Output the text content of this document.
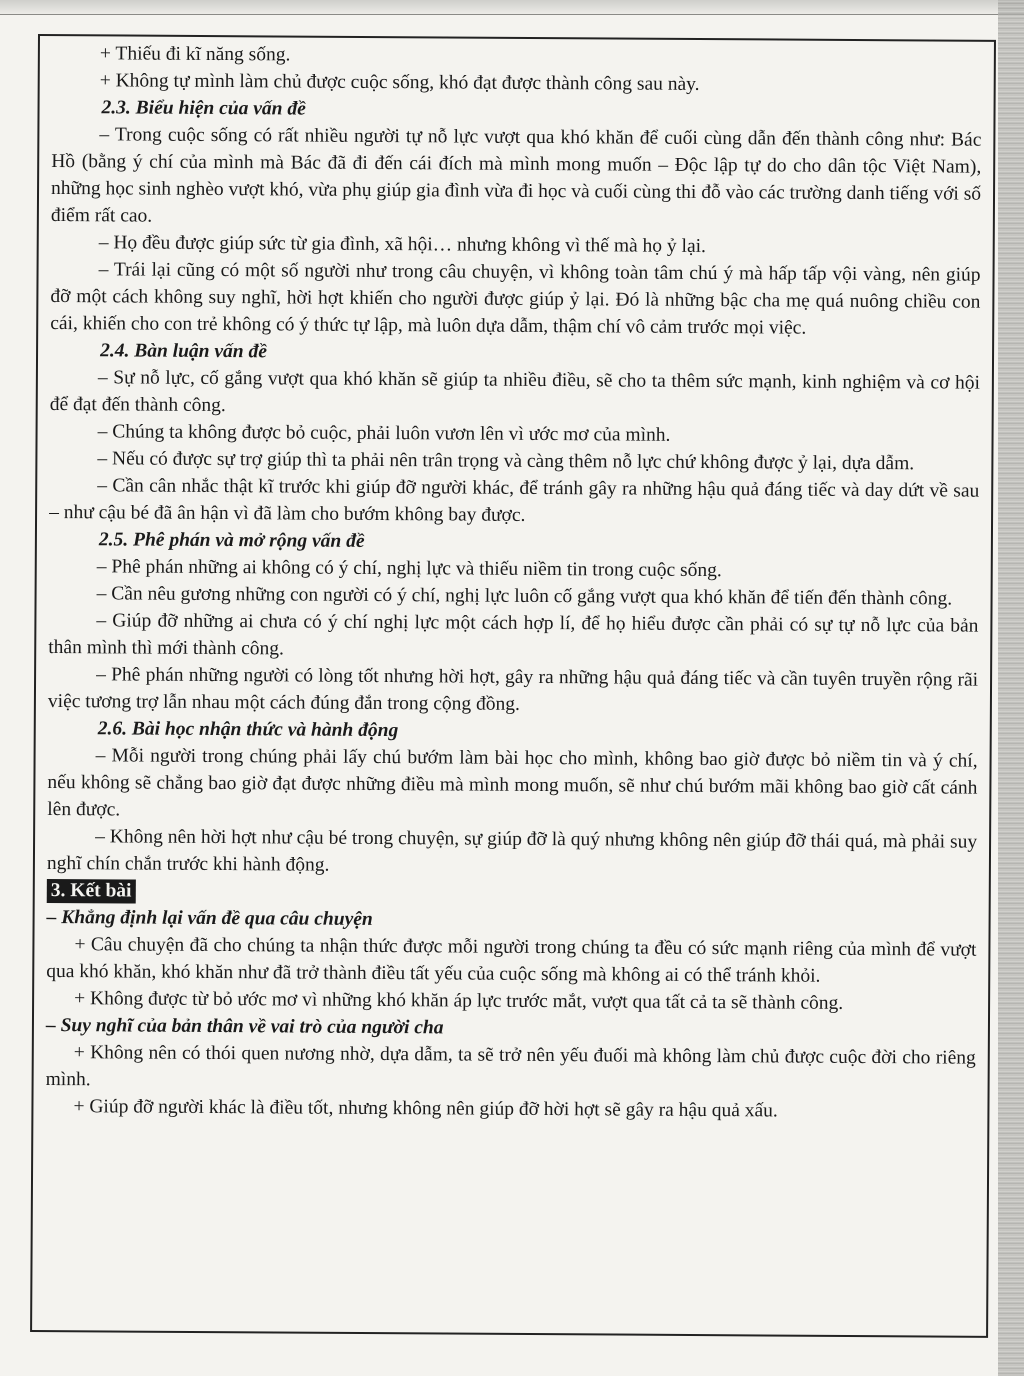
+ Thiếu đi kĩ năng sống.

+ Không tự mình làm chủ được cuộc sống, khó đạt được thành công sau này.

2.3. Biểu hiện của vấn đề

– Trong cuộc sống có rất nhiều người tự nỗ lực vượt qua khó khăn để cuối cùng dẫn đến thành công như: Bác Hồ (bằng ý chí của mình mà Bác đã đi đến cái đích mà mình mong muốn – Độc lập tự do cho dân tộc Việt Nam), những học sinh nghèo vượt khó, vừa phụ giúp gia đình vừa đi học và cuối cùng thi đỗ vào các trường danh tiếng với số điểm rất cao.

– Họ đều được giúp sức từ gia đình, xã hội… nhưng không vì thế mà họ ỷ lại.

– Trái lại cũng có một số người như trong câu chuyện, vì không toàn tâm chú ý mà hấp tấp vội vàng, nên giúp đỡ một cách không suy nghĩ, hời hợt khiến cho người được giúp ỷ lại. Đó là những bậc cha mẹ quá nuông chiều con cái, khiến cho con trẻ không có ý thức tự lập, mà luôn dựa dẫm, thậm chí vô cảm trước mọi việc.

2.4. Bàn luận vấn đề

– Sự nỗ lực, cố gắng vượt qua khó khăn sẽ giúp ta nhiều điều, sẽ cho ta thêm sức mạnh, kinh nghiệm và cơ hội để đạt đến thành công.

– Chúng ta không được bỏ cuộc, phải luôn vươn lên vì ước mơ của mình.

– Nếu có được sự trợ giúp thì ta phải nên trân trọng và càng thêm nỗ lực chứ không được ỷ lại, dựa dẫm.

– Cần cân nhắc thật kĩ trước khi giúp đỡ người khác, để tránh gây ra những hậu quả đáng tiếc và day dứt về sau – như cậu bé đã ân hận vì đã làm cho bướm không bay được.

2.5. Phê phán và mở rộng vấn đề

– Phê phán những ai không có ý chí, nghị lực và thiếu niềm tin trong cuộc sống.

– Cần nêu gương những con người có ý chí, nghị lực luôn cố gắng vượt qua khó khăn để tiến đến thành công.

– Giúp đỡ những ai chưa có ý chí nghị lực một cách hợp lí, để họ hiểu được cần phải có sự tự nỗ lực của bản thân mình thì mới thành công.

– Phê phán những người có lòng tốt nhưng hời hợt, gây ra những hậu quả đáng tiếc và cần tuyên truyền rộng rãi việc tương trợ lẫn nhau một cách đúng đắn trong cộng đồng.

2.6. Bài học nhận thức và hành động

– Mỗi người trong chúng phải lấy chú bướm làm bài học cho mình, không bao giờ được bỏ niềm tin và ý chí, nếu không sẽ chẳng bao giờ đạt được những điều mà mình mong muốn, sẽ như chú bướm mãi không bao giờ cất cánh lên được.

– Không nên hời hợt như cậu bé trong chuyện, sự giúp đỡ là quý nhưng không nên giúp đỡ thái quá, mà phải suy nghĩ chín chắn trước khi hành động.

3. Kết bài

– Khẳng định lại vấn đề qua câu chuyện

+ Câu chuyện đã cho chúng ta nhận thức được mỗi người trong chúng ta đều có sức mạnh riêng của mình để vượt qua khó khăn, khó khăn như đã trở thành điều tất yếu của cuộc sống mà không ai có thể tránh khỏi.

+ Không được từ bỏ ước mơ vì những khó khăn áp lực trước mắt, vượt qua tất cả ta sẽ thành công.

– Suy nghĩ của bản thân về vai trò của người cha

+ Không nên có thói quen nương nhờ, dựa dẫm, ta sẽ trở nên yếu đuối mà không làm chủ được cuộc đời cho riêng mình.

+ Giúp đỡ người khác là điều tốt, nhưng không nên giúp đỡ hời hợt sẽ gây ra hậu quả xấu.
